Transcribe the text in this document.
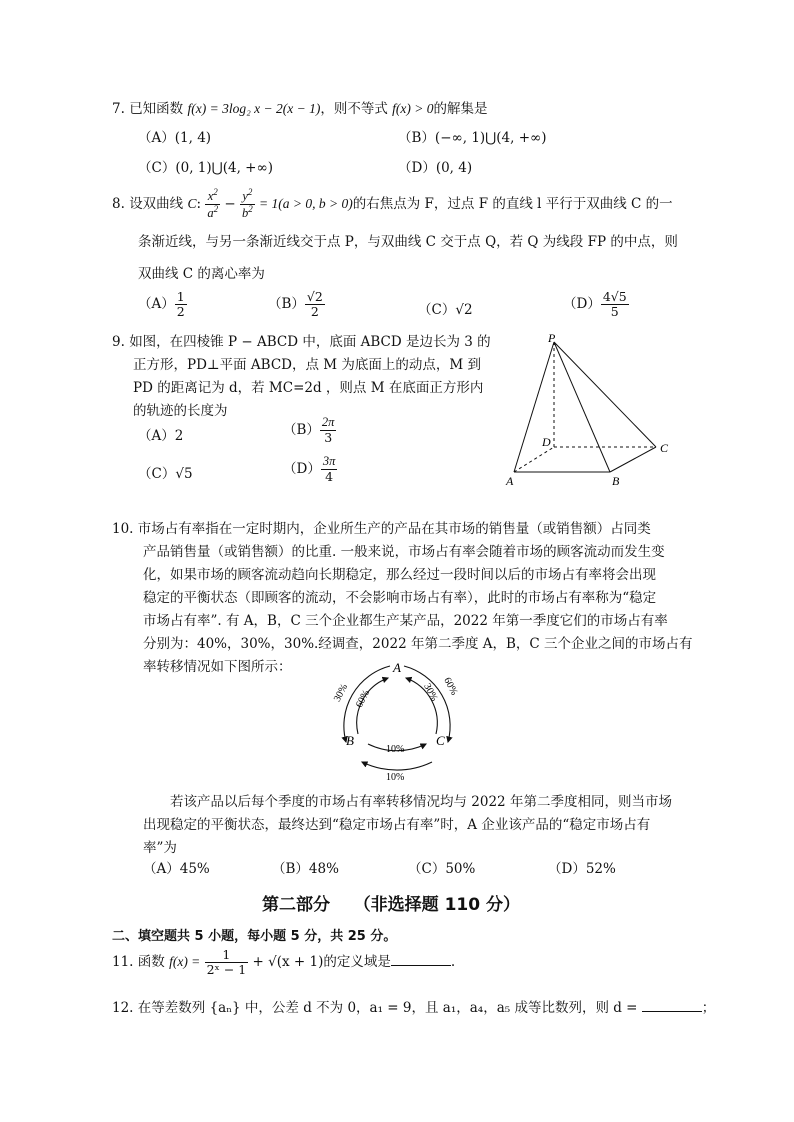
7. 已知函数 f(x) = 3log₂ x − 2(x − 1)，则不等式 f(x) > 0的解集是
（A）(1, 4)	（B）(−∞, 1)⋃(4, +∞)
（C）(0, 1)⋃(4, +∞)	（D）(0, 4)
8. 设双曲线 C: $\frac{x^2}{a^2} - \frac{y^2}{b^2} = 1(a > 0$, b > 0)的右焦点为 F，过点 F 的直线 l 平行于双曲线 C 的一
条渐近线，与另一条渐近线交于点 P，与双曲线 C 交于点 Q，若 Q 为线段 FP 的中点，则
双曲线 C 的离心率为
$(A) \frac{1}{2}$	$(B) \frac{√2}{2}$	（C）√2	$(D) \frac{4√5}{5}$
9. 如图，在四棱锥 P − ABCD 中，底面 ABCD 是边长为 3 的
正方形，PD⊥平面 ABCD，点 M 为底面上的动点，M 到
PD 的距离记为 d，若 MC=2d ，则点 M 在底面正方形内
的轨迹的长度为
（A）2	$(B) \frac{2\pi}{3}$
（C）√5	$(D) \frac{3\pi}{4}$
P
D
A	B
C
10. 市场占有率指在一定时期内，企业所生产的产品在其市场的销售量（或销售额）占同类
产品销售量（或销售额）的比重. 一般来说，市场占有率会随着市场的顾客流动而发生变
化，如果市场的顾客流动趋向长期稳定，那么经过一段时间以后的市场占有率将会出现
稳定的平衡状态（即顾客的流动，不会影响市场占有率），此时的市场占有率称为“稳定
市场占有率”. 有 A，B，C 三个企业都生产某产品，2022 年第一季度它们的市场占有率
分别为：40%，30%，30%.经调查，2022 年第二季度 A，B，C 三个企业之间的市场占有
率转移情况如下图所示：	A
B	C
30% 60%
60%
30%
10%
10%
若该产品以后每个季度的市场占有率转移情况均与 2022 年第二季度相同，则当市场
出现稳定的平衡状态，最终达到“稳定市场占有率”时，A 企业该产品的“稳定市场占有
率”为
（A）45%	（B）48%	（C）50%	（D）52%
第二部分 （非选择题 110 分）
二、填空题共 5 小题，每小题 5 分，共 25 分。
11. 函数 $f(x) = \frac{1}{\text{2ˣ − 1}} + √(x + 1)$的定义域是	.
12. 在等差数列 {aₙ} 中，公差 d 不为 0，a₁ = 9，且 a₁，a₄，a₅ 成等比数列，则 d =	；
